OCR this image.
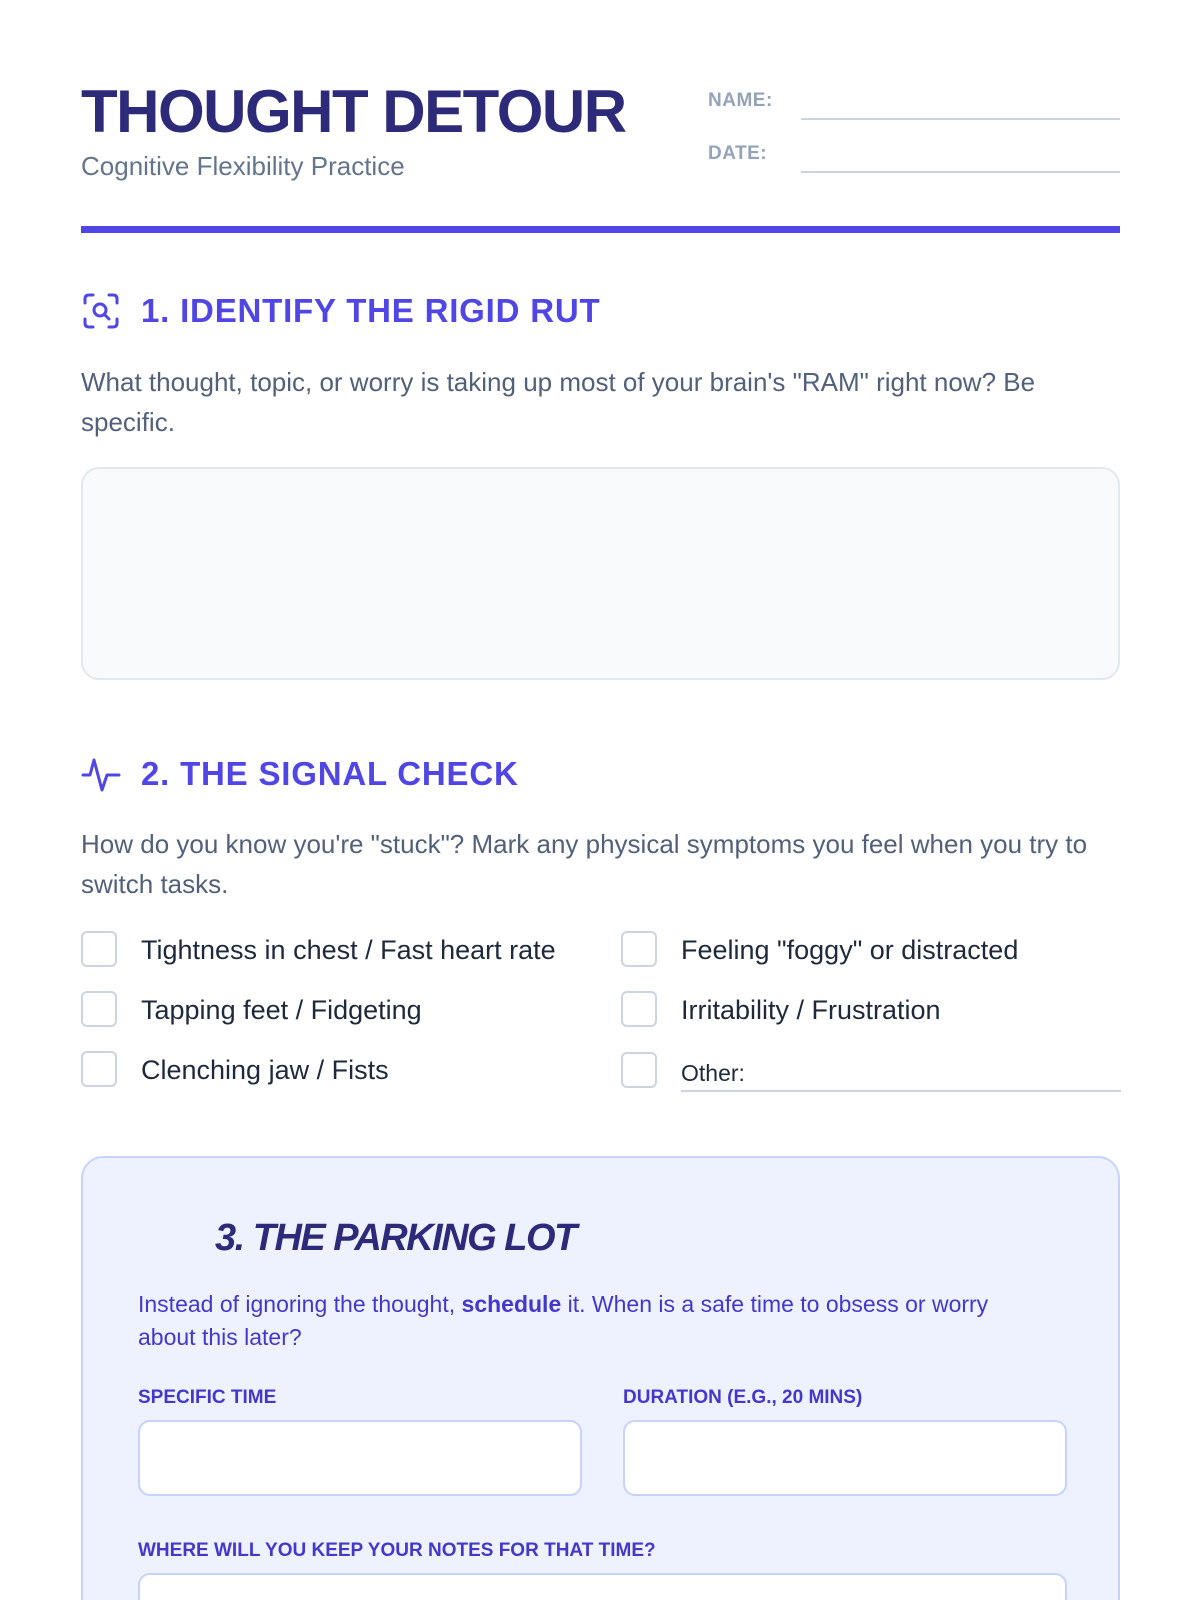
THOUGHT DETOUR
Cognitive Flexibility Practice
NAME:
DATE:
1. IDENTIFY THE RIGID RUT

What thought, topic, or worry is taking up most of your brain's "RAM" right now? Be specific.

2. THE SIGNAL CHECK

How do you know you're "stuck"? Mark any physical symptoms you feel when you try to switch tasks.

Tightness in chest / Fast heart rate	Feeling "foggy" or distracted
Tapping feet / Fidgeting	Irritability / Frustration
Clenching jaw / Fists	Other:
3. THE PARKING LOT

Instead of ignoring the thought, schedule it. When is a safe time to obsess or worry about this later?

SPECIFIC TIME	DURATION (E.G., 20 MINS)
WHERE WILL YOU KEEP YOUR NOTES FOR THAT TIME?
